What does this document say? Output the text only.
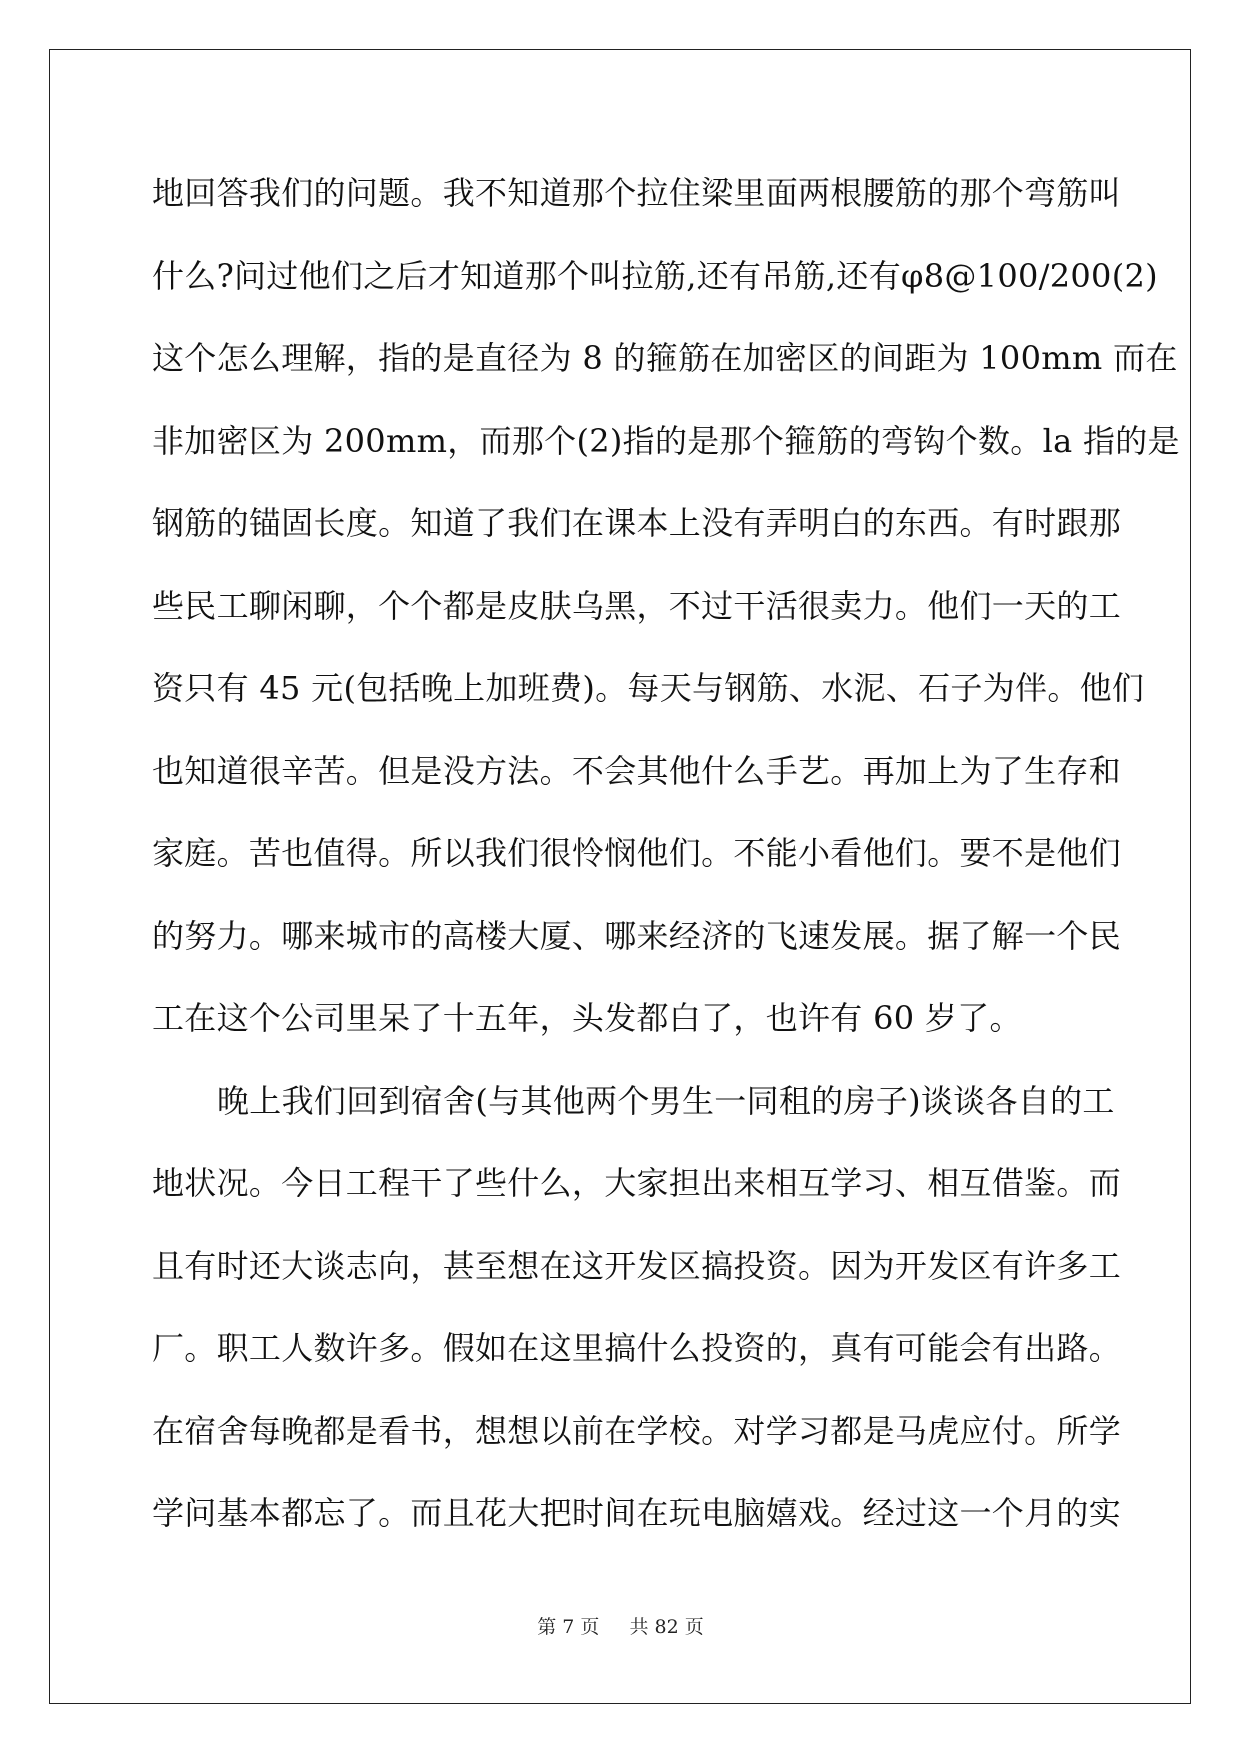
地回答我们的问题。我不知道那个拉住梁里面两根腰筋的那个弯筋叫
什么?问过他们之后才知道那个叫拉筋,还有吊筋,还有φ8@100/200(2)
这个怎么理解，指的是直径为 8 的箍筋在加密区的间距为 100mm 而在
非加密区为 200mm，而那个(2)指的是那个箍筋的弯钩个数。la 指的是
钢筋的锚固长度。知道了我们在课本上没有弄明白的东西。有时跟那
些民工聊闲聊，个个都是皮肤乌黑，不过干活很卖力。他们一天的工
资只有 45 元(包括晚上加班费)。每天与钢筋、水泥、石子为伴。他们
也知道很辛苦。但是没方法。不会其他什么手艺。再加上为了生存和
家庭。苦也值得。所以我们很怜悯他们。不能小看他们。要不是他们
的努力。哪来城市的高楼大厦、哪来经济的飞速发展。据了解一个民
工在这个公司里呆了十五年，头发都白了，也许有 60 岁了。
晚上我们回到宿舍(与其他两个男生一同租的房子)谈谈各自的工
地状况。今日工程干了些什么，大家担出来相互学习、相互借鉴。而
且有时还大谈志向，甚至想在这开发区搞投资。因为开发区有许多工
厂。职工人数许多。假如在这里搞什么投资的，真有可能会有出路。
在宿舍每晚都是看书，想想以前在学校。对学习都是马虎应付。所学
学问基本都忘了。而且花大把时间在玩电脑嬉戏。经过这一个月的实
第 7 页 共 82 页
